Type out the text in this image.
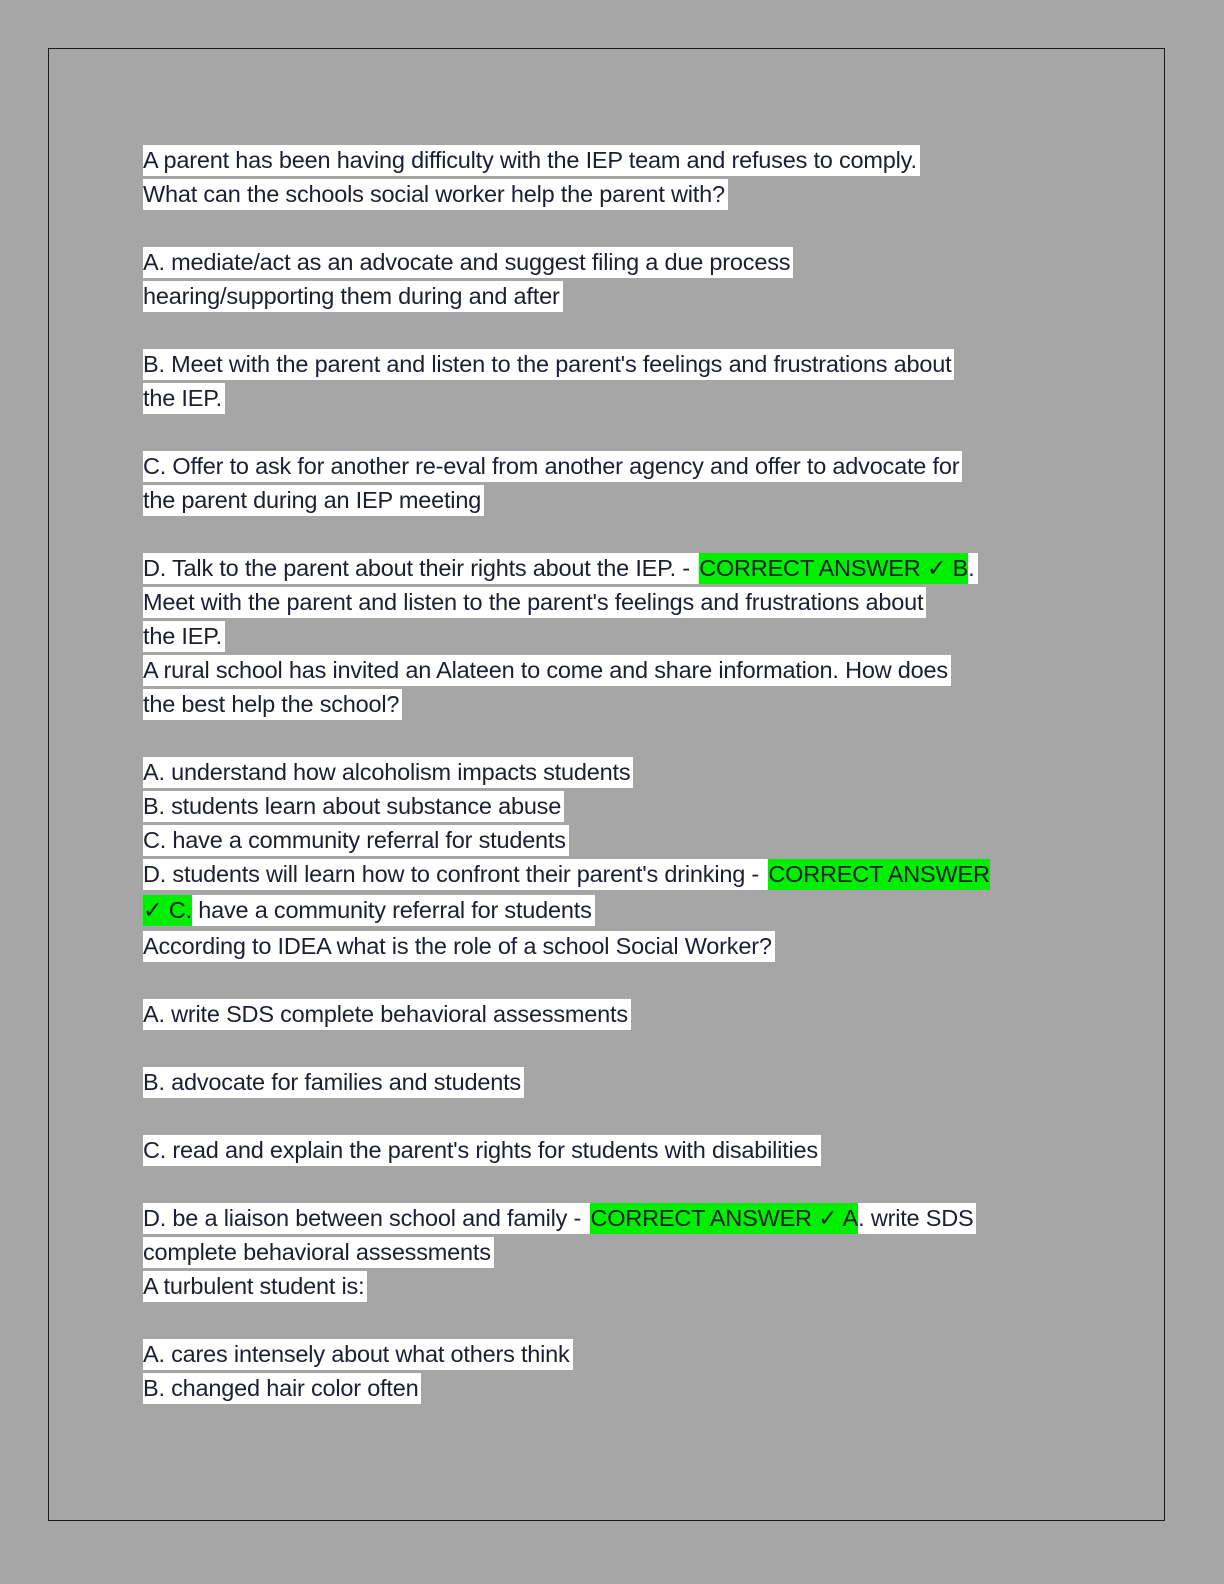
A parent has been having difficulty with the IEP team and refuses to comply.
What can the schools social worker help the parent with?
A. mediate/act as an advocate and suggest filing a due process
hearing/supporting them during and after
B. Meet with the parent and listen to the parent's feelings and frustrations about
the IEP.
C. Offer to ask for another re-eval from another agency and offer to advocate for
the parent during an IEP meeting
D. Talk to the parent about their rights about the IEP. - CORRECT ANSWER ✓ B.
Meet with the parent and listen to the parent's feelings and frustrations about
the IEP.
A rural school has invited an Alateen to come and share information. How does
the best help the school?
A. understand how alcoholism impacts students
B. students learn about substance abuse
C. have a community referral for students
D. students will learn how to confront their parent's drinking - CORRECT ANSWER
✓ C. have a community referral for students
According to IDEA what is the role of a school Social Worker?
A. write SDS complete behavioral assessments
B. advocate for families and students
C. read and explain the parent's rights for students with disabilities
D. be a liaison between school and family - CORRECT ANSWER ✓ A. write SDS
complete behavioral assessments
A turbulent student is:
A. cares intensely about what others think
B. changed hair color often
